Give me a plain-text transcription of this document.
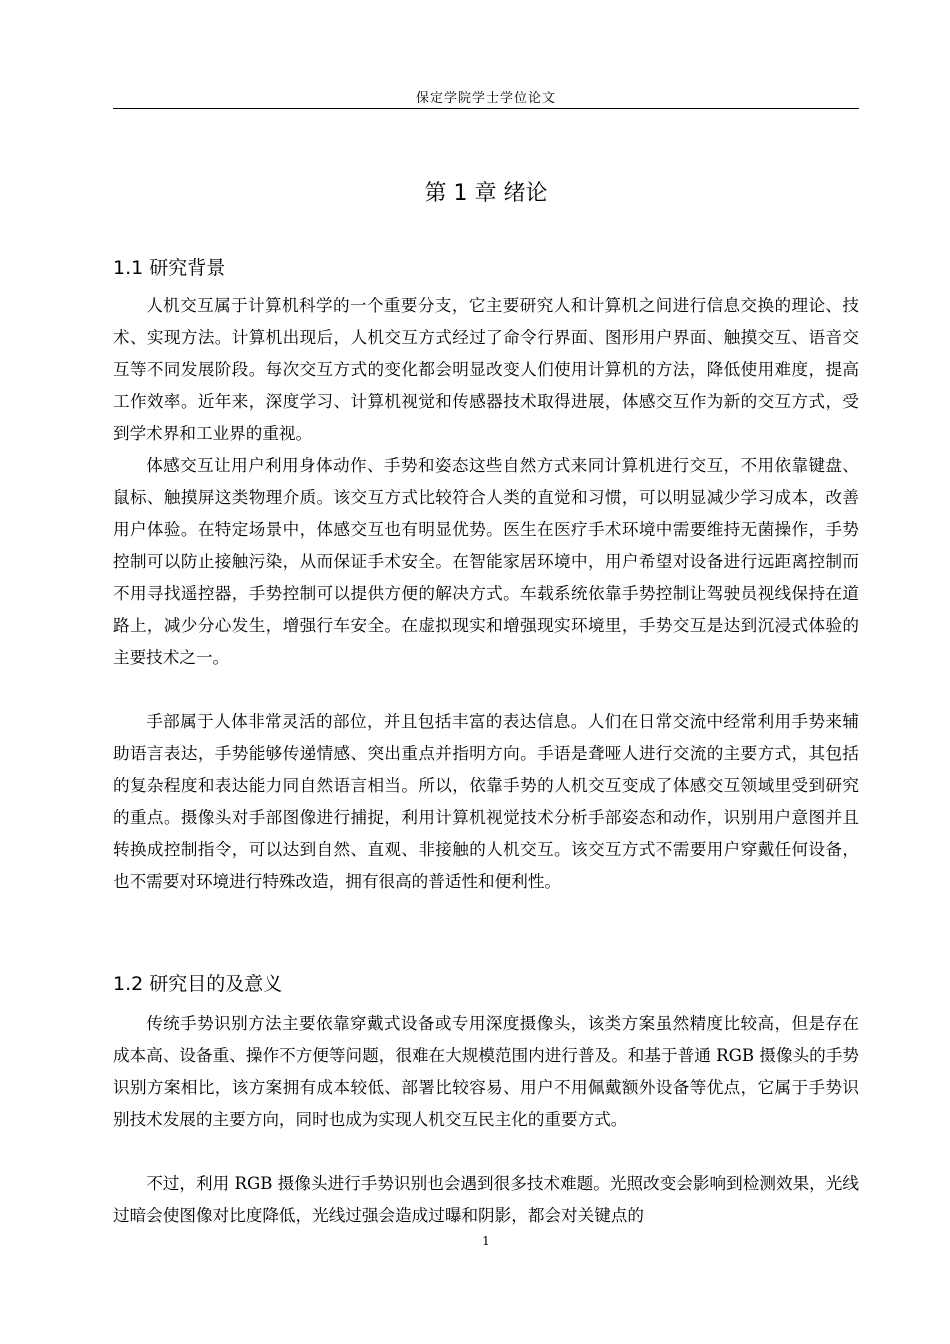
保定学院学士学位论文
第 1 章 绪论
1.1 研究背景

人机交互属于计算机科学的一个重要分支，它主要研究人和计算机之间进行信息交换的理论、技术、实现方法。计算机出现后，人机交互方式经过了命令行界面、图形用户界面、触摸交互、语音交互等不同发展阶段。每次交互方式的变化都会明显改变人们使用计算机的方法，降低使用难度，提高工作效率。近年来，深度学习、计算机视觉和传感器技术取得进展，体感交互作为新的交互方式，受到学术界和工业界的重视。

体感交互让用户利用身体动作、手势和姿态这些自然方式来同计算机进行交互，不用依靠键盘、鼠标、触摸屏这类物理介质。该交互方式比较符合人类的直觉和习惯，可以明显减少学习成本，改善用户体验。在特定场景中，体感交互也有明显优势。医生在医疗手术环境中需要维持无菌操作，手势控制可以防止接触污染，从而保证手术安全。在智能家居环境中，用户希望对设备进行远距离控制而不用寻找遥控器，手势控制可以提供方便的解决方式。车载系统依靠手势控制让驾驶员视线保持在道路上，减少分心发生，增强行车安全。在虚拟现实和增强现实环境里，手势交互是达到沉浸式体验的主要技术之一。

手部属于人体非常灵活的部位，并且包括丰富的表达信息。人们在日常交流中经常利用手势来辅助语言表达，手势能够传递情感、突出重点并指明方向。手语是聋哑人进行交流的主要方式，其包括的复杂程度和表达能力同自然语言相当。所以，依靠手势的人机交互变成了体感交互领域里受到研究的重点。摄像头对手部图像进行捕捉，利用计算机视觉技术分析手部姿态和动作，识别用户意图并且转换成控制指令，可以达到自然、直观、非接触的人机交互。该交互方式不需要用户穿戴任何设备，也不需要对环境进行特殊改造，拥有很高的普适性和便利性。

1.2 研究目的及意义

传统手势识别方法主要依靠穿戴式设备或专用深度摄像头，该类方案虽然精度比较高，但是存在成本高、设备重、操作不方便等问题，很难在大规模范围内进行普及。和基于普通 RGB 摄像头的手势识别方案相比，该方案拥有成本较低、部署比较容易、用户不用佩戴额外设备等优点，它属于手势识别技术发展的主要方向，同时也成为实现人机交互民主化的重要方式。

不过，利用 RGB 摄像头进行手势识别也会遇到很多技术难题。光照改变会影响到检测效果，光线过暗会使图像对比度降低，光线过强会造成过曝和阴影，都会对关键点的

1
